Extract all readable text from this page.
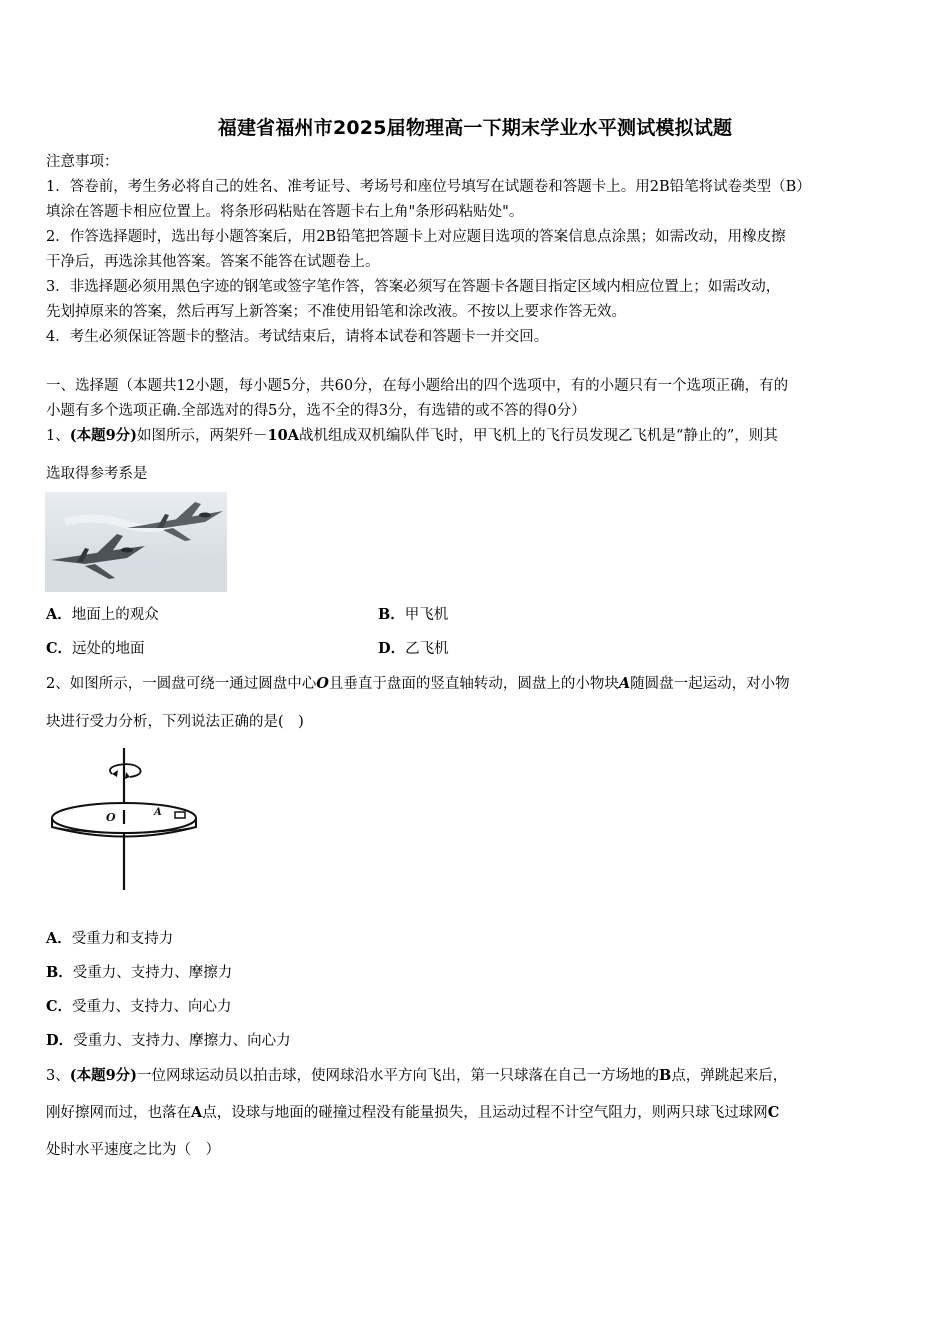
福建省福州市2025届物理高一下期末学业水平测试模拟试题
注意事项：
1．答卷前，考生务必将自己的姓名、准考证号、考场号和座位号填写在试题卷和答题卡上。用2B铅笔将试卷类型（B）
填涂在答题卡相应位置上。将条形码粘贴在答题卡右上角"条形码粘贴处"。
2．作答选择题时，选出每小题答案后，用2B铅笔把答题卡上对应题目选项的答案信息点涂黑；如需改动，用橡皮擦
干净后，再选涂其他答案。答案不能答在试题卷上。
3．非选择题必须用黑色字迹的钢笔或签字笔作答，答案必须写在答题卡各题目指定区域内相应位置上；如需改动，
先划掉原来的答案，然后再写上新答案；不准使用铅笔和涂改液。不按以上要求作答无效。
4．考生必须保证答题卡的整洁。考试结束后，请将本试卷和答题卡一并交回。
一、选择题（本题共12小题，每小题5分，共60分，在每小题给出的四个选项中，有的小题只有一个选项正确，有的
小题有多个选项正确.全部选对的得5分，选不全的得3分，有选错的或不答的得0分）
1、(本题9分)如图所示，两架歼－10A战机组成双机编队伴飞时，甲飞机上的飞行员发现乙飞机是“静止的”，则其
选取得参考系是
A．地面上的观众	B．甲飞机
C．远处的地面	D．乙飞机
2、如图所示，一圆盘可绕一通过圆盘中心O且垂直于盘面的竖直轴转动，圆盘上的小物块A随圆盘一起运动，对小物
块进行受力分析，下列说法正确的是(　)
O	A
A．受重力和支持力
B．受重力、支持力、摩擦力
C．受重力、支持力、向心力
D．受重力、支持力、摩擦力、向心力
3、(本题9分)一位网球运动员以拍击球，使网球沿水平方向飞出，第一只球落在自己一方场地的B点，弹跳起来后，
刚好擦网而过，也落在A点，设球与地面的碰撞过程没有能量损失，且运动过程不计空气阻力，则两只球飞过球网C
处时水平速度之比为（　）
